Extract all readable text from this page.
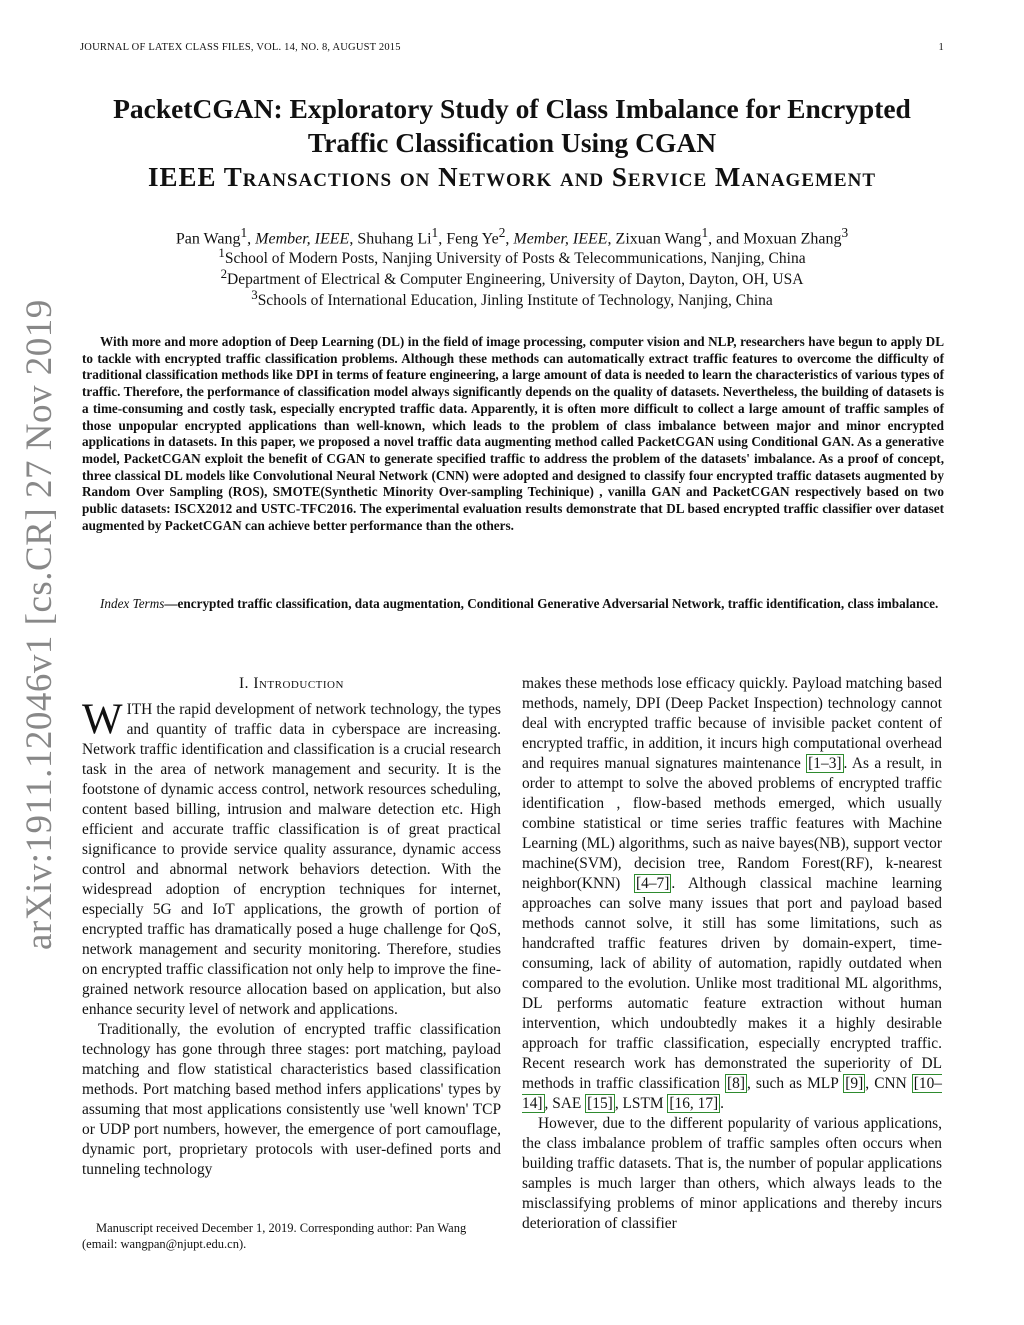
JOURNAL OF LATEX CLASS FILES, VOL. 14, NO. 8, AUGUST 2015	1
PacketCGAN: Exploratory Study of Class Imbalance for Encrypted
Traffic Classification Using CGAN
IEEE Transactions on Network and Service Management
Pan Wang$^1$, Member, IEEE, Shuhang Li$^1$, Feng Ye$^2$, Member, IEEE, Zixuan Wang$^1$, and Moxuan Zhang$^3$
$^1$School of Modern Posts, Nanjing University of Posts & Telecommunications, Nanjing, China
$^2$Department of Electrical & Computer Engineering, University of Dayton, Dayton, OH, USA
$^3$Schools of International Education, Jinling Institute of Technology, Nanjing, China
arXiv:1911.12046v1 [cs.CR] 27 Nov 2019	With more and more adoption of Deep Learning (DL) in the field of image processing, computer vision and NLP, researchers have begun to apply DL to tackle with encrypted traffic classification problems. Although these methods can automatically extract traffic features to overcome the difficulty of traditional classification methods like DPI in terms of feature engineering, a large amount of data is needed to learn the characteristics of various types of traffic. Therefore, the performance of classification model always significantly depends on the quality of datasets. Nevertheless, the building of datasets is a time-consuming and costly task, especially encrypted traffic data. Apparently, it is often more difficult to collect a large amount of traffic samples of those unpopular encrypted applications than well-known, which leads to the problem of class imbalance between major and minor encrypted applications in datasets. In this paper, we proposed a novel traffic data augmenting method called PacketCGAN using Conditional GAN. As a generative model, PacketCGAN exploit the benefit of CGAN to generate specified traffic to address the problem of the datasets' imbalance. As a proof of concept, three classical DL models like Convolutional Neural Network (CNN) were adopted and designed to classify four encrypted traffic datasets augmented by Random Over Sampling (ROS), SMOTE(Synthetic Minority Over-sampling Techinique) , vanilla GAN and PacketCGAN respectively based on two public datasets: ISCX2012 and USTC-TFC2016. The experimental evaluation results demonstrate that DL based encrypted traffic classifier over dataset augmented by PacketCGAN can achieve better performance than the others.
Index Terms—encrypted traffic classification, data augmentation, Conditional Generative Adversarial Network, traffic identification, class imbalance.
I. Introduction

WITH the rapid development of network technology, the types and quantity of traffic data in cyberspace are increasing. Network traffic identification and classification is a crucial research task in the area of network management and security. It is the footstone of dynamic access control, network resources scheduling, content based billing, intrusion and malware detection etc. High efficient and accurate traffic classification is of great practical significance to provide service quality assurance, dynamic access control and abnormal network behaviors detection. With the widespread adoption of encryption techniques for internet, especially 5G and IoT applications, the growth of portion of encrypted traffic has dramatically posed a huge challenge for QoS, network management and security monitoring. Therefore, studies on encrypted traffic classification not only help to improve the fine-grained network resource allocation based on application, but also enhance security level of network and applications.

Traditionally, the evolution of encrypted traffic classification technology has gone through three stages: port matching, payload matching and flow statistical characteristics based classification methods. Port matching based method infers applications' types by assuming that most applications consistently use 'well known' TCP or UDP port numbers, however, the emergence of port camouflage, dynamic port, proprietary protocols with user-defined ports and tunneling technology

Manuscript received December 1, 2019. Corresponding author: Pan Wang (email: wangpan@njupt.edu.cn).

makes these methods lose efficacy quickly. Payload matching based methods, namely, DPI (Deep Packet Inspection) technology cannot deal with encrypted traffic because of invisible packet content of encrypted traffic, in addition, it incurs high computational overhead and requires manual signatures maintenance [1–3] . As a result, in order to attempt to solve the aboved problems of encrypted traffic identification , flow-based methods emerged, which usually combine statistical or time series traffic features with Machine Learning (ML) algorithms, such as naive bayes(NB), support vector machine(SVM), decision tree, Random Forest(RF), k-nearest neighbor(KNN) [4–7] . Although classical machine learning approaches can solve many issues that port and payload based methods cannot solve, it still has some limitations, such as handcrafted traffic features driven by domain-expert, time-consuming, lack of ability of automation, rapidly outdated when compared to the evolution. Unlike most traditional ML algorithms, DL performs automatic feature extraction without human intervention, which undoubtedly makes it a highly desirable approach for traffic classification, especially encrypted traffic. Recent research work has demonstrated the superiority of DL methods in traffic classification [8] , such as MLP [9] , CNN [10–14] , SAE [15] , LSTM [16, 17] .

However, due to the different popularity of various applications, the class imbalance problem of traffic samples often occurs when building traffic datasets. That is, the number of popular applications samples is much larger than others, which always leads to the misclassifying problems of minor applications and thereby incurs deterioration of classifier
